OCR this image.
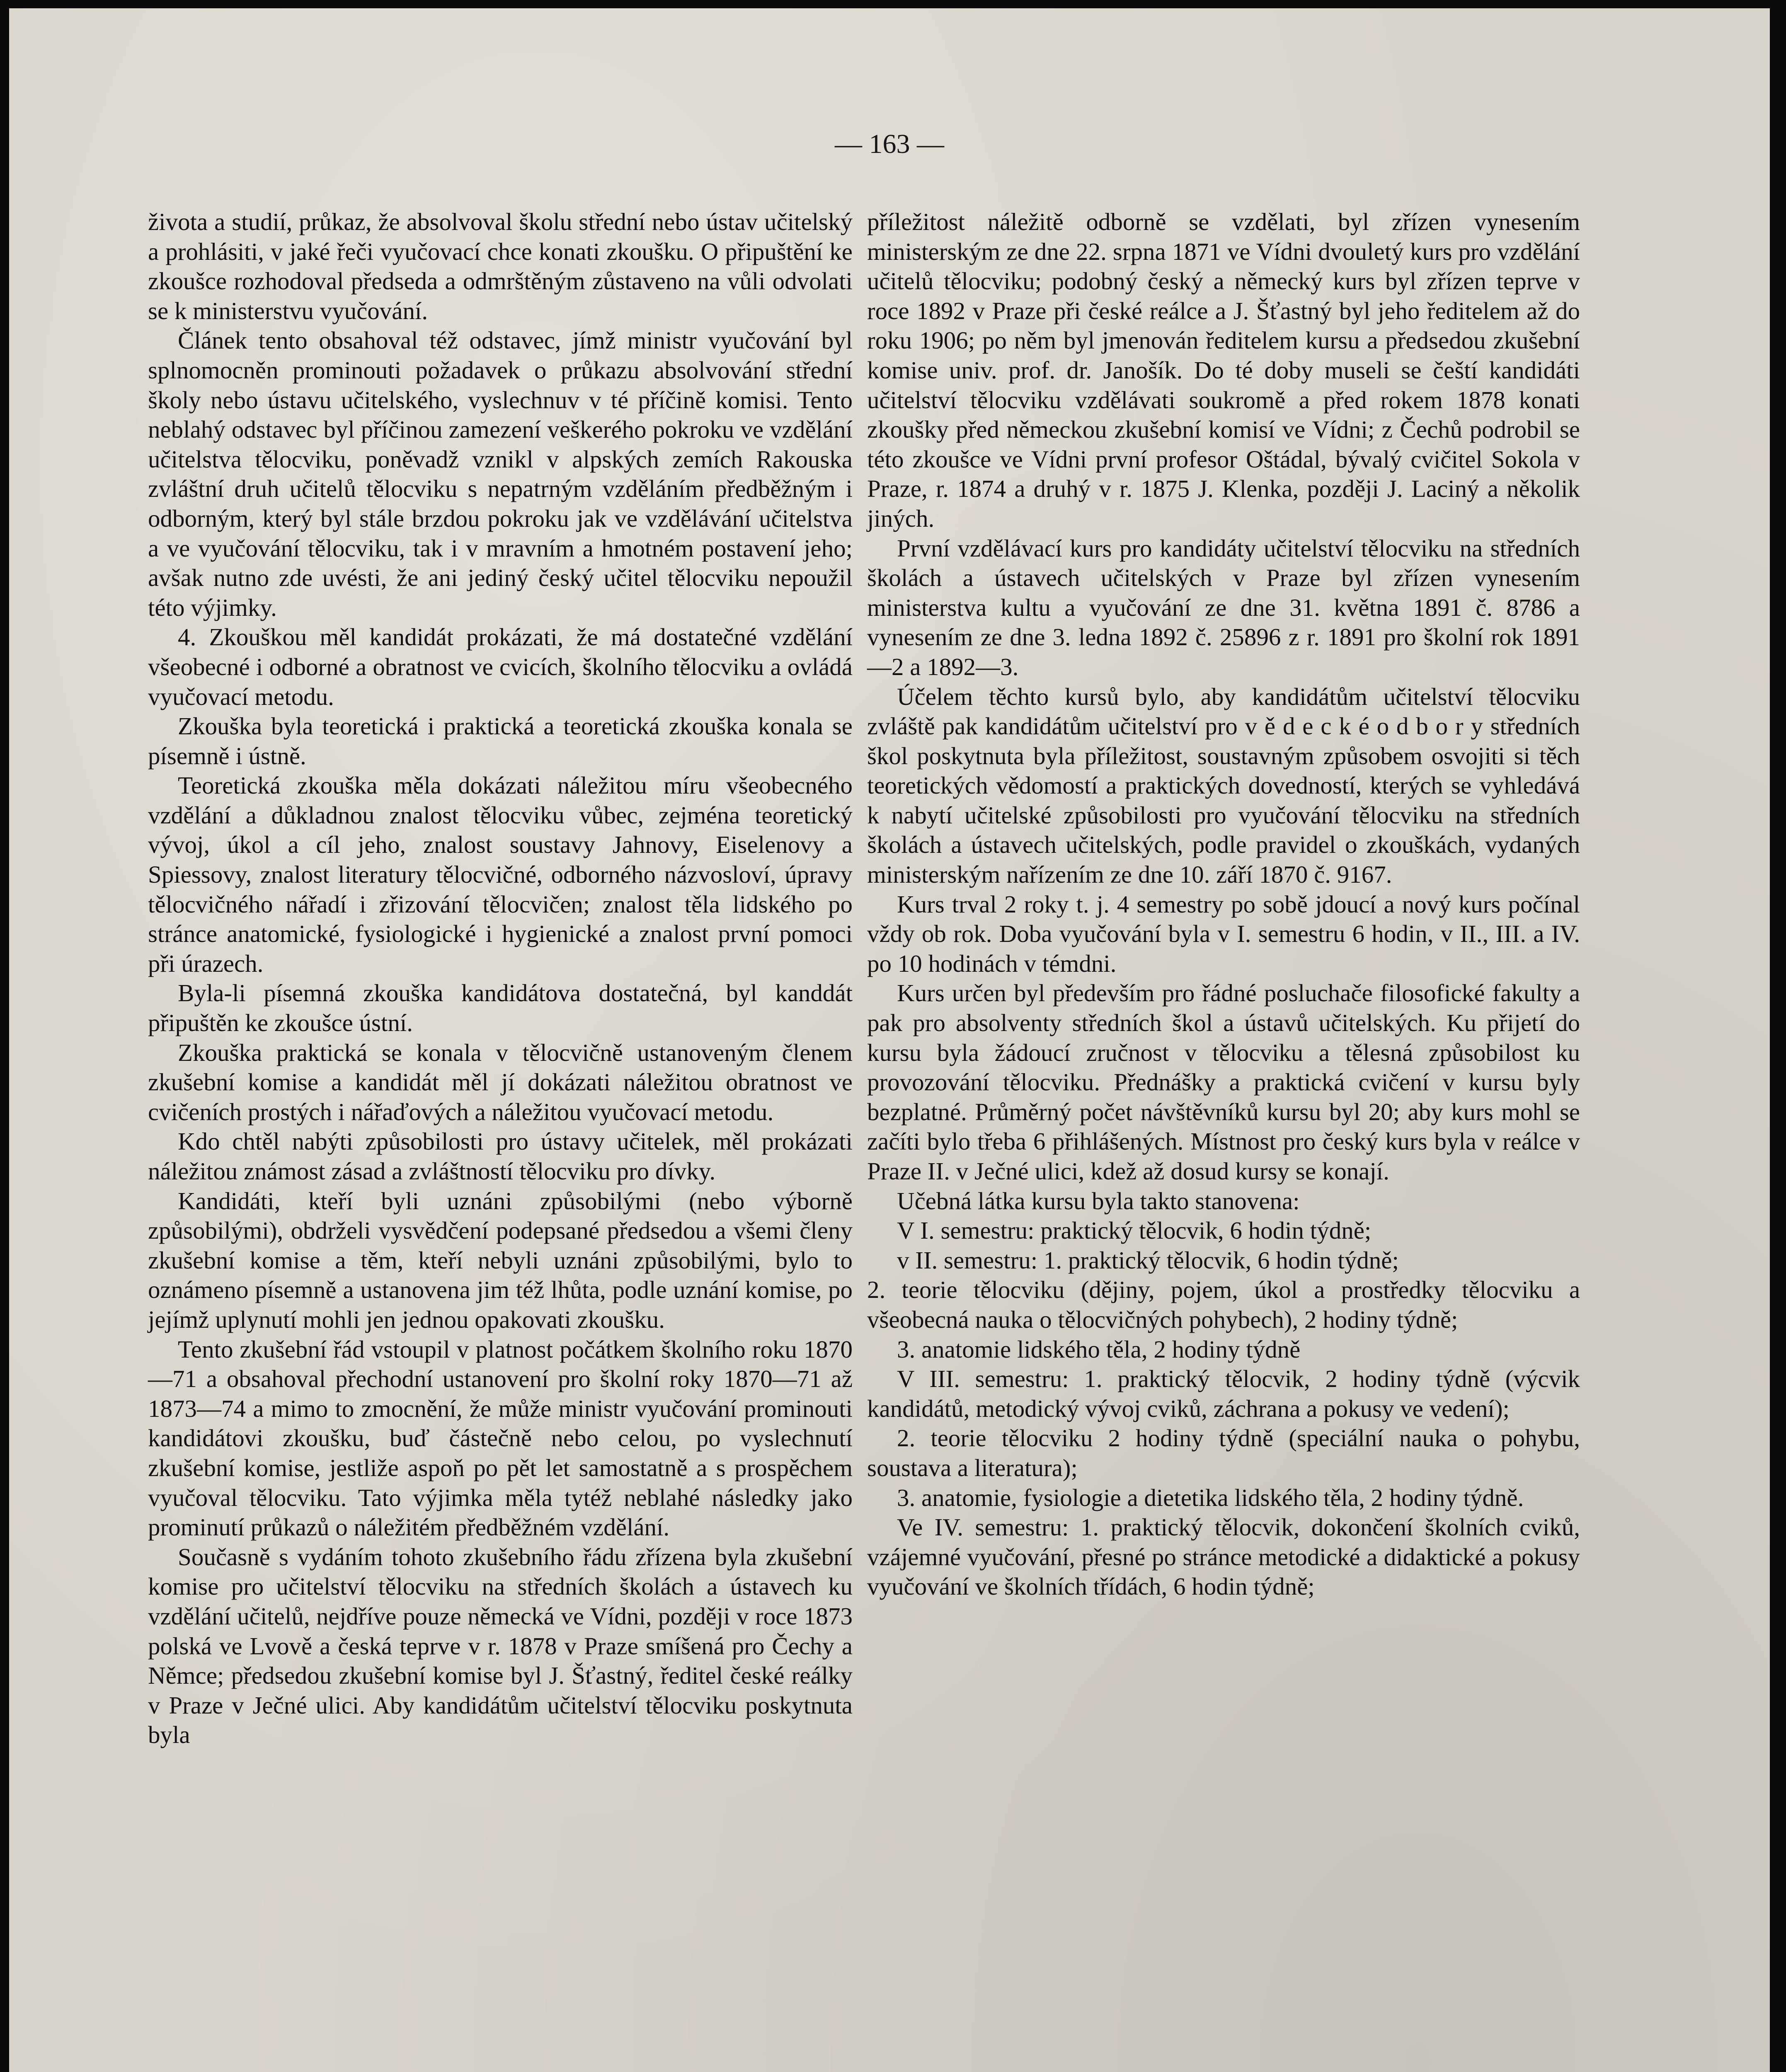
— 163 —

života a studií, průkaz, že absolvoval školu střední nebo ústav učitelský a prohlásiti, v jaké řeči vyučovací chce konati zkoušku. O připuštění ke zkoušce rozhodoval předseda a odmrštěným zůstaveno na vůli odvolati se k ministerstvu vyučování.

Článek tento obsahoval též odstavec, jímž ministr vyučování byl splnomocněn prominouti požadavek o průkazu absolvování střední školy nebo ústavu učitelského, vyslechnuv v té příčině komisi. Tento neblahý odstavec byl příčinou zamezení veškerého pokroku ve vzdělání učitelstva tělocviku, poněvadž vznikl v alpských zemích Rakouska zvláštní druh učitelů tělocviku s nepatrným vzděláním předběžným i odborným, který byl stále brzdou pokroku jak ve vzdělávání učitelstva a ve vyučování tělocviku, tak i v mravním a hmotném postavení jeho; avšak nutno zde uvésti, že ani jediný český učitel tělocviku nepoužil této výjimky.

4. Zkouškou měl kandidát prokázati, že má dostatečné vzdělání všeobecné i odborné a obratnost ve cvicích, školního tělocviku a ovládá vyučovací metodu.

Zkouška byla teoretická i praktická a teoretická zkouška konala se písemně i ústně.

Teoretická zkouška měla dokázati náležitou míru všeobecného vzdělání a důkladnou znalost tělocviku vůbec, zejména teoretický vývoj, úkol a cíl jeho, znalost soustavy Jahnovy, Eiselenovy a Spiessovy, znalost literatury tělocvičné, odborného názvosloví, úpravy tělocvičného nářadí i zřizování tělocvičen; znalost těla lidského po stránce anatomické, fysiologické i hygienické a znalost první pomoci při úrazech.

Byla-li písemná zkouška kandidátova dostatečná, byl kanddát připuštěn ke zkoušce ústní.

Zkouška praktická se konala v tělocvičně ustanoveným členem zkušební komise a kandidát měl jí dokázati náležitou obratnost ve cvičeních prostých i nářaďových a náležitou vyučovací metodu.

Kdo chtěl nabýti způsobilosti pro ústavy učitelek, měl prokázati náležitou známost zásad a zvláštností tělocviku pro dívky.

Kandidáti, kteří byli uznáni způsobilými (nebo výborně způsobilými), obdrželi vysvědčení podepsané předsedou a všemi členy zkušební komise a těm, kteří nebyli uznáni způsobilými, bylo to oznámeno písemně a ustanovena jim též lhůta, podle uznání komise, po jejímž uplynutí mohli jen jednou opakovati zkoušku.

Tento zkušební řád vstoupil v platnost počátkem školního roku 1870—71 a obsahoval přechodní ustanovení pro školní roky 1870—71 až 1873—74 a mimo to zmocnění, že může ministr vyučování prominouti kandidátovi zkoušku, buď částečně nebo celou, po vyslechnutí zkušební komise, jestliže aspoň po pět let samostatně a s prospěchem vyučoval tělocviku. Tato výjimka měla tytéž neblahé následky jako prominutí průkazů o náležitém předběžném vzdělání.

Současně s vydáním tohoto zkušebního řádu zřízena byla zkušební komise pro učitelství tělocviku na středních školách a ústavech ku vzdělání učitelů, nejdříve pouze německá ve Vídni, později v roce 1873 polská ve Lvově a česká teprve v r. 1878 v Praze smíšená pro Čechy a Němce; předsedou zkušební komise byl J. Šťastný, ředitel české reálky v Praze v Ječné ulici. Aby kandidátům učitelství tělocviku poskytnuta byla

příležitost náležitě odborně se vzdělati, byl zřízen vynesením ministerským ze dne 22. srpna 1871 ve Vídni dvouletý kurs pro vzdělání učitelů tělocviku; podobný český a německý kurs byl zřízen teprve v roce 1892 v Praze při české reálce a J. Šťastný byl jeho ředitelem až do roku 1906; po něm byl jmenován ředitelem kursu a předsedou zkušební komise univ. prof. dr. Janošík. Do té doby museli se čeští kandidáti učitelství tělocviku vzdělávati soukromě a před rokem 1878 konati zkoušky před německou zkušební komisí ve Vídni; z Čechů podrobil se této zkoušce ve Vídni první profesor Oštádal, bývalý cvičitel Sokola v Praze, r. 1874 a druhý v r. 1875 J. Klenka, později J. Laciný a několik jiných.

První vzdělávací kurs pro kandidáty učitelství tělocviku na středních školách a ústavech učitelských v Praze byl zřízen vynesením ministerstva kultu a vyučování ze dne 31. května 1891 č. 8786 a vynesením ze dne 3. ledna 1892 č. 25896 z r. 1891 pro školní rok 1891—2 a 1892—3.

Účelem těchto kursů bylo, aby kandidátům učitelství tělocviku zvláště pak kandidátům učitelství pro v ě d e c k é o d b o r y středních škol poskytnuta byla příležitost, soustavným způsobem osvojiti si těch teoretických vědomostí a praktických dovedností, kterých se vyhledává k nabytí učitelské způsobilosti pro vyučování tělocviku na středních školách a ústavech učitelských, podle pravidel o zkouškách, vydaných ministerským nařízením ze dne 10. září 1870 č. 9167.

Kurs trval 2 roky t. j. 4 semestry po sobě jdoucí a nový kurs počínal vždy ob rok. Doba vyučování byla v I. semestru 6 hodin, v II., III. a IV. po 10 hodinách v témdni.

Kurs určen byl především pro řádné posluchače filosofické fakulty a pak pro absolventy středních škol a ústavů učitelských. Ku přijetí do kursu byla žádoucí zručnost v tělocviku a tělesná způsobilost ku provozování tělocviku. Přednášky a praktická cvičení v kursu byly bezplatné. Průměrný počet návštěvníků kursu byl 20; aby kurs mohl se začíti bylo třeba 6 přihlášených. Místnost pro český kurs byla v reálce v Praze II. v Ječné ulici, kdež až dosud kursy se konají.

Učebná látka kursu byla takto stanovena:

V I. semestru: praktický tělocvik, 6 hodin týdně;

v II. semestru: 1. praktický tělocvik, 6 hodin týdně;

2. teorie tělocviku (dějiny, pojem, úkol a prostředky tělocviku a všeobecná nauka o tělocvičných pohybech), 2 hodiny týdně;

3. anatomie lidského těla, 2 hodiny týdně

V III. semestru: 1. praktický tělocvik, 2 hodiny týdně (výcvik kandidátů, metodický vývoj cviků, záchrana a pokusy ve vedení);

2. teorie tělocviku 2 hodiny týdně (speciální nauka o pohybu, soustava a literatura);

3. anatomie, fysiologie a dietetika lidského těla, 2 hodiny týdně.

Ve IV. semestru: 1. praktický tělocvik, dokončení školních cviků, vzájemné vyučování, přesné po stránce metodické a didaktické a pokusy vyučování ve školních třídách, 6 hodin týdně;
